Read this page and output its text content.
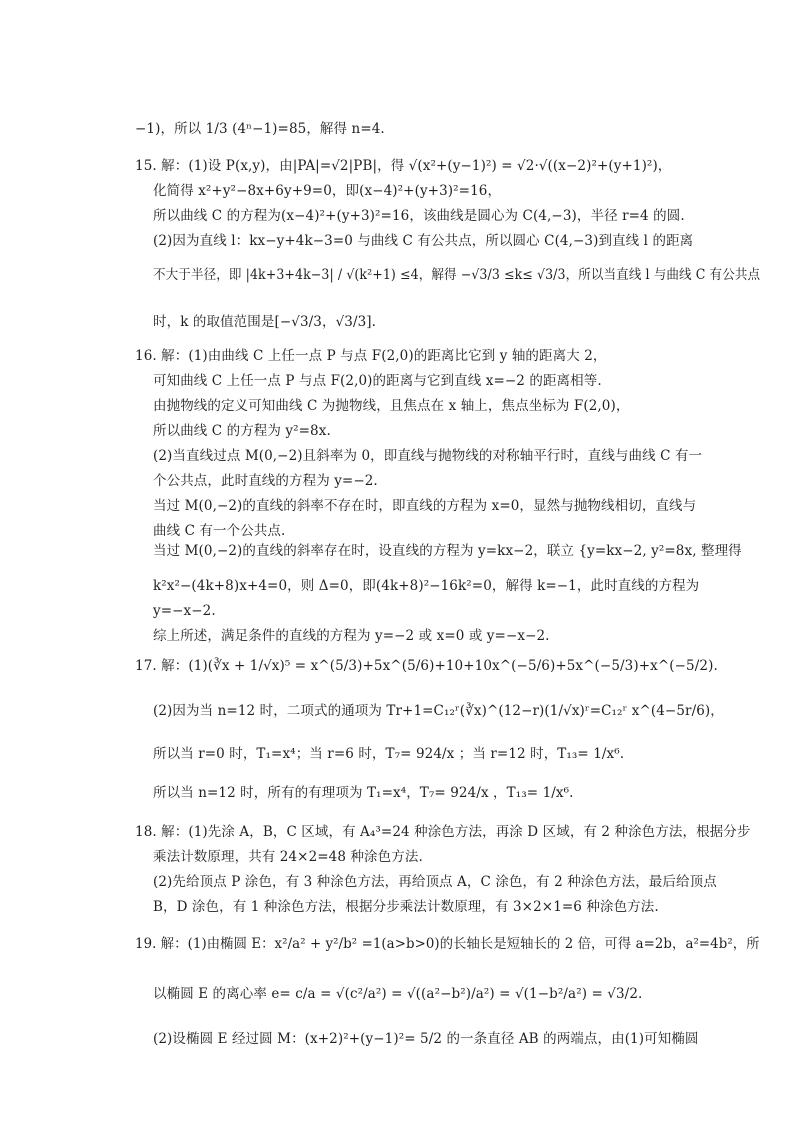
−1)，所以 1/3 (4ⁿ−1)=85，解得 n=4.
15. 解：(1)设 P(x,y)，由|PA|=√2|PB|，得 √(x²+(y−1)²) = √2·√((x−2)²+(y+1)²)，
化简得 x²+y²−8x+6y+9=0，即(x−4)²+(y+3)²=16，
所以曲线 C 的方程为(x−4)²+(y+3)²=16，该曲线是圆心为 C(4,−3)，半径 r=4 的圆.
(2)因为直线 l：kx−y+4k−3=0 与曲线 C 有公共点，所以圆心 C(4,−3)到直线 l 的距离
不大于半径，即 |4k+3+4k−3| / √(k²+1) ≤4，解得 −√3/3 ≤k≤ √3/3，所以当直线 l 与曲线 C 有公共点
时，k 的取值范围是[−√3/3，√3/3].
16. 解：(1)由曲线 C 上任一点 P 与点 F(2,0)的距离比它到 y 轴的距离大 2，
可知曲线 C 上任一点 P 与点 F(2,0)的距离与它到直线 x=−2 的距离相等.
由抛物线的定义可知曲线 C 为抛物线，且焦点在 x 轴上，焦点坐标为 F(2,0)，
所以曲线 C 的方程为 y²=8x.
(2)当直线过点 M(0,−2)且斜率为 0，即直线与抛物线的对称轴平行时，直线与曲线 C 有一
个公共点，此时直线的方程为 y=−2.
当过 M(0,−2)的直线的斜率不存在时，即直线的方程为 x=0，显然与抛物线相切，直线与
曲线 C 有一个公共点.
当过 M(0,−2)的直线的斜率存在时，设直线的方程为 y=kx−2，联立 {y=kx−2, y²=8x, 整理得
k²x²−(4k+8)x+4=0，则 Δ=0，即(4k+8)²−16k²=0，解得 k=−1，此时直线的方程为
y=−x−2.
综上所述，满足条件的直线的方程为 y=−2 或 x=0 或 y=−x−2.
17. 解：(1)(∛x + 1/√x)⁵ = x^(5/3)+5x^(5/6)+10+10x^(−5/6)+5x^(−5/3)+x^(−5/2).
(2)因为当 n=12 时，二项式的通项为 Tr+1=C₁₂ʳ(∛x)^(12−r)(1/√x)ʳ=C₁₂ʳ x^(4−5r/6)，
所以当 r=0 时，T₁=x⁴；当 r=6 时，T₇= 924/x ；当 r=12 时，T₁₃= 1/x⁶.
所以当 n=12 时，所有的有理项为 T₁=x⁴，T₇= 924/x ，T₁₃= 1/x⁶.
18. 解：(1)先涂 A，B，C 区域，有 A₄³=24 种涂色方法，再涂 D 区域，有 2 种涂色方法，根据分步
乘法计数原理，共有 24×2=48 种涂色方法.
(2)先给顶点 P 涂色，有 3 种涂色方法，再给顶点 A，C 涂色，有 2 种涂色方法，最后给顶点
B，D 涂色，有 1 种涂色方法，根据分步乘法计数原理，有 3×2×1=6 种涂色方法.
19. 解：(1)由椭圆 E：x²/a² + y²/b² =1(a>b>0)的长轴长是短轴长的 2 倍，可得 a=2b，a²=4b²，所
以椭圆 E 的离心率 e= c/a = √(c²/a²) = √((a²−b²)/a²) = √(1−b²/a²) = √3/2.
(2)设椭圆 E 经过圆 M：(x+2)²+(y−1)²= 5/2 的一条直径 AB 的两端点，由(1)可知椭圆
